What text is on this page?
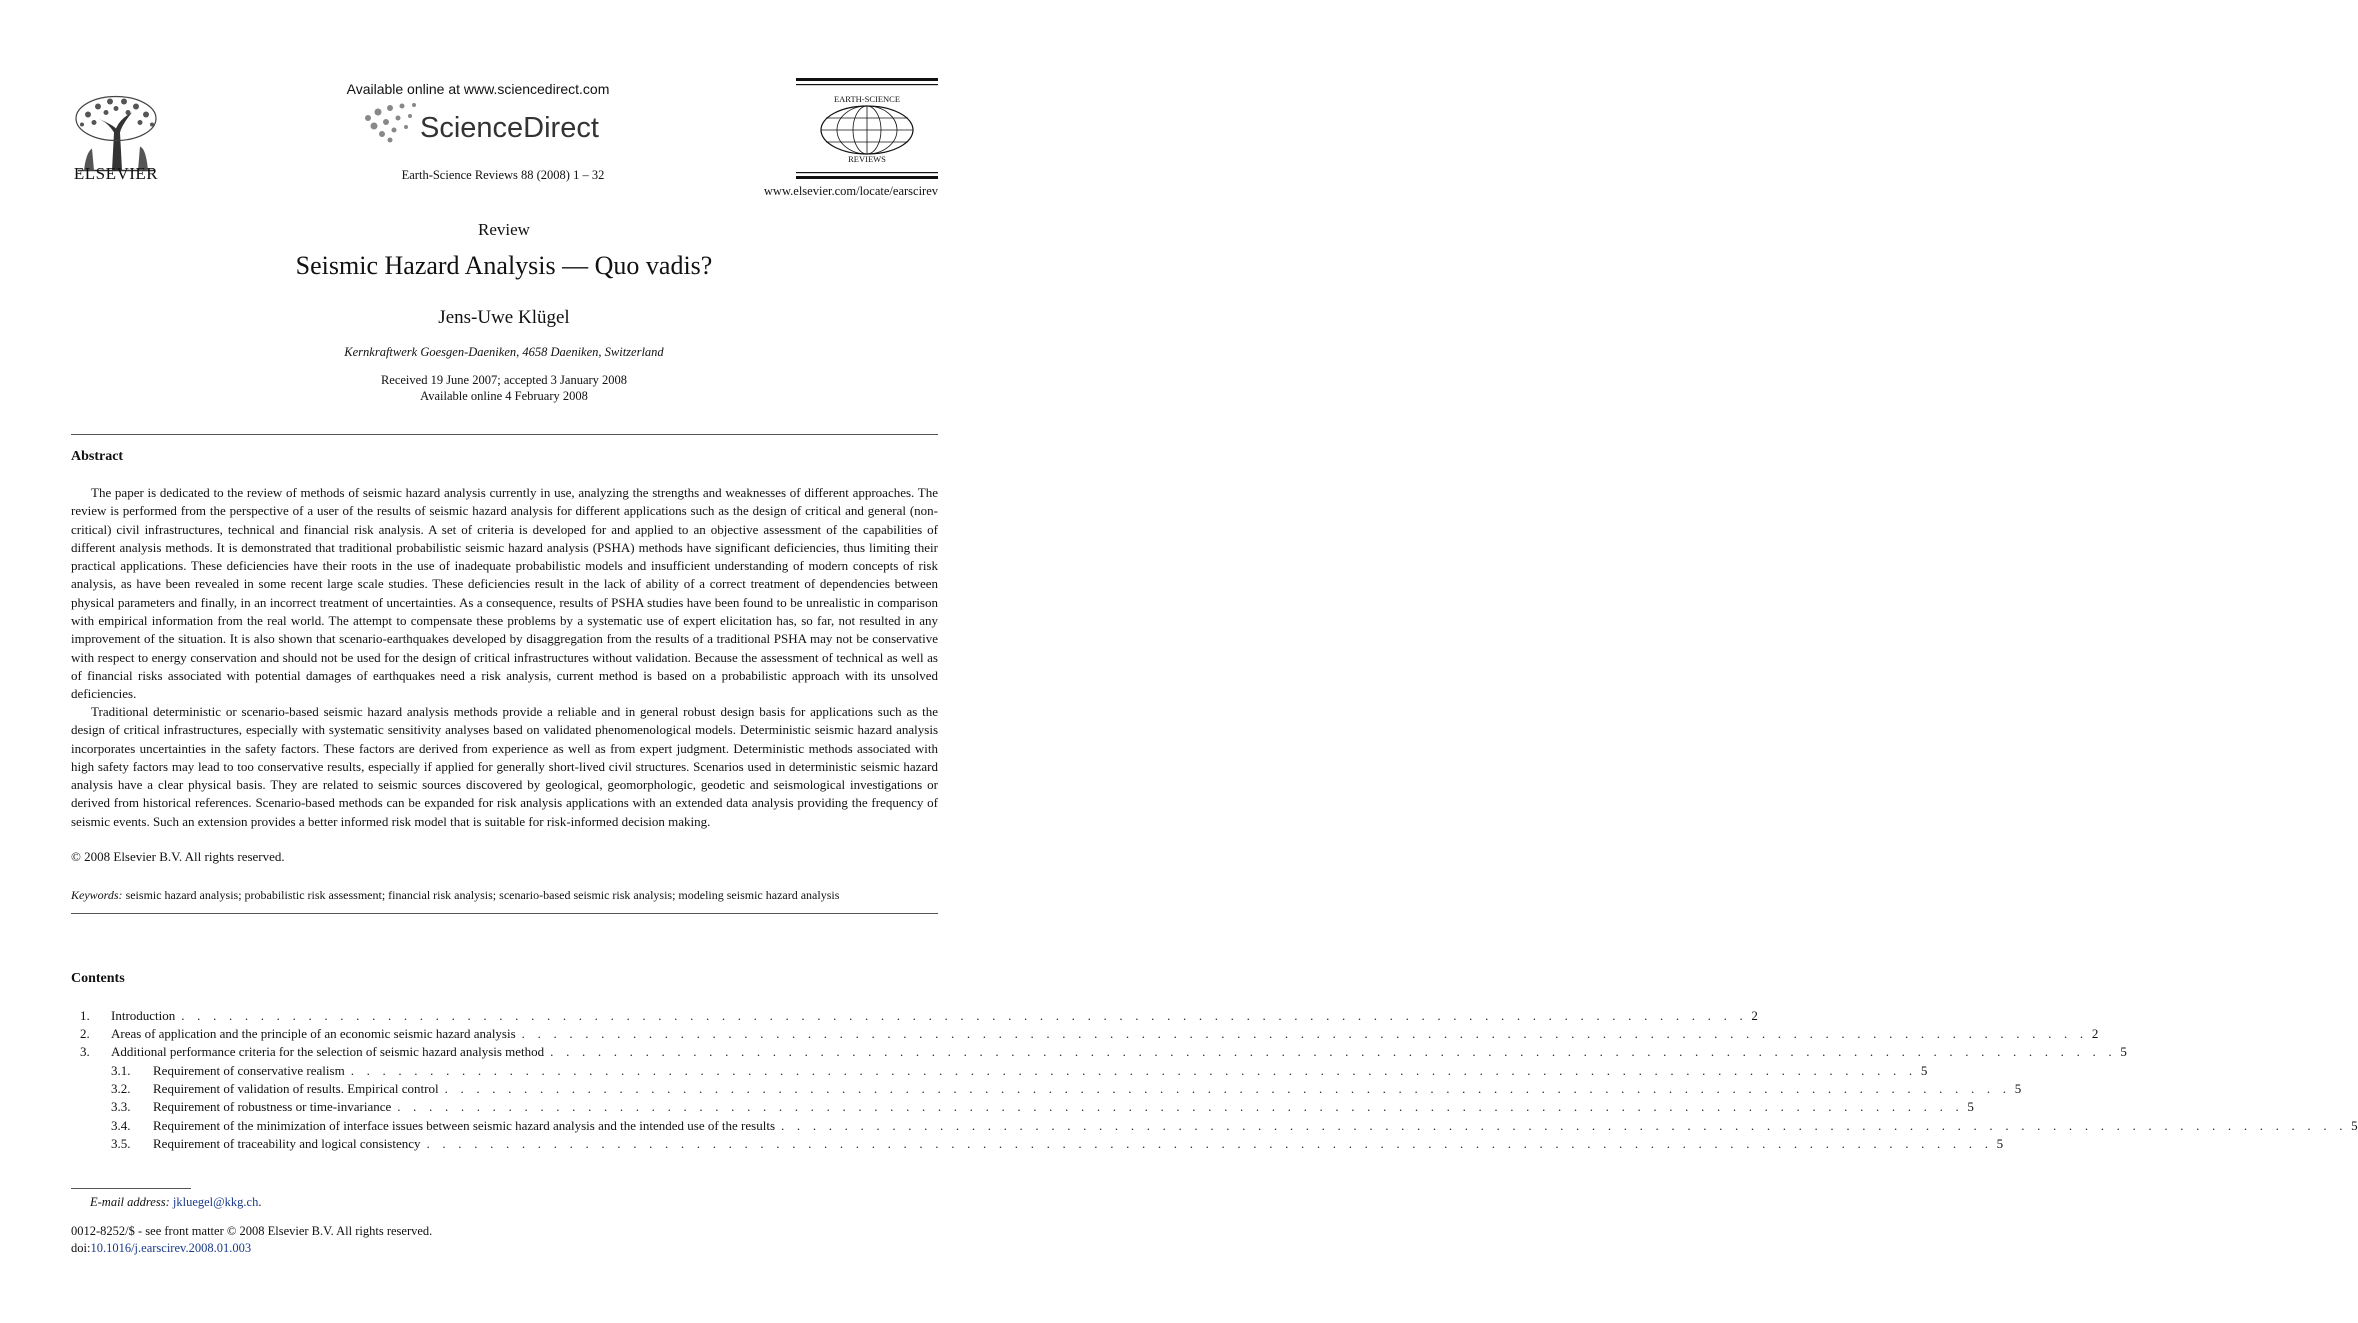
ELSEVIER
Available online at www.sciencedirect.com
ScienceDirect
Earth-Science Reviews 88 (2008) 1 – 32
EARTH-SCIENCE
REVIEWS
www.elsevier.com/locate/earscirev
Review
Seismic Hazard Analysis — Quo vadis?
Jens-Uwe Klügel
Kernkraftwerk Goesgen-Daeniken, 4658 Daeniken, Switzerland
Received 19 June 2007; accepted 3 January 2008
Available online 4 February 2008
Abstract

The paper is dedicated to the review of methods of seismic hazard analysis currently in use, analyzing the strengths and weaknesses of different approaches. The review is performed from the perspective of a user of the results of seismic hazard analysis for different applications such as the design of critical and general (non-critical) civil infrastructures, technical and financial risk analysis. A set of criteria is developed for and applied to an objective assessment of the capabilities of different analysis methods. It is demonstrated that traditional probabilistic seismic hazard analysis (PSHA) methods have significant deficiencies, thus limiting their practical applications. These deficiencies have their roots in the use of inadequate probabilistic models and insufficient understanding of modern concepts of risk analysis, as have been revealed in some recent large scale studies. These deficiencies result in the lack of ability of a correct treatment of dependencies between physical parameters and finally, in an incorrect treatment of uncertainties. As a consequence, results of PSHA studies have been found to be unrealistic in comparison with empirical information from the real world. The attempt to compensate these problems by a systematic use of expert elicitation has, so far, not resulted in any improvement of the situation. It is also shown that scenario-earthquakes developed by disaggregation from the results of a traditional PSHA may not be conservative with respect to energy conservation and should not be used for the design of critical infrastructures without validation. Because the assessment of technical as well as of financial risks associated with potential damages of earthquakes need a risk analysis, current method is based on a probabilistic approach with its unsolved deficiencies.

Traditional deterministic or scenario-based seismic hazard analysis methods provide a reliable and in general robust design basis for applications such as the design of critical infrastructures, especially with systematic sensitivity analyses based on validated phenomenological models. Deterministic seismic hazard analysis incorporates uncertainties in the safety factors. These factors are derived from experience as well as from expert judgment. Deterministic methods associated with high safety factors may lead to too conservative results, especially if applied for generally short-lived civil structures. Scenarios used in deterministic seismic hazard analysis have a clear physical basis. They are related to seismic sources discovered by geological, geomorphologic, geodetic and seismological investigations or derived from historical references. Scenario-based methods can be expanded for risk analysis applications with an extended data analysis providing the frequency of seismic events. Such an extension provides a better informed risk model that is suitable for risk-informed decision making.

© 2008 Elsevier B.V. All rights reserved.
Keywords: seismic hazard analysis; probabilistic risk assessment; financial risk analysis; scenario-based seismic risk analysis; modeling seismic hazard analysis
Contents
1. Introduction . . . . . . . . . . . . . . . . . . . . . . . . . . . . . . . . . . . . . . . . . . . . . . . . . . . . . . . . . . . . . . . . . . . . . . . . . . . . . . . . . . . . . . . . . . . . . . . . . . . 2
2. Areas of application and the principle of an economic seismic hazard analysis . . . . . . . . . . . . . . . . . . . . . . . . . . . . . . . . . . . . . . . . . . . . . . . . . . . . . . . . . . . . . . . . . . . . . . . . . . . . . . . . . . . . . . . . . . . . . . . . . . . 2
3. Additional performance criteria for the selection of seismic hazard analysis method . . . . . . . . . . . . . . . . . . . . . . . . . . . . . . . . . . . . . . . . . . . . . . . . . . . . . . . . . . . . . . . . . . . . . . . . . . . . . . . . . . . . . . . . . . . . . . . . . . . 5
3.1. Requirement of conservative realism . . . . . . . . . . . . . . . . . . . . . . . . . . . . . . . . . . . . . . . . . . . . . . . . . . . . . . . . . . . . . . . . . . . . . . . . . . . . . . . . . . . . . . . . . . . . . . . . . . . 5
3.2. Requirement of validation of results. Empirical control . . . . . . . . . . . . . . . . . . . . . . . . . . . . . . . . . . . . . . . . . . . . . . . . . . . . . . . . . . . . . . . . . . . . . . . . . . . . . . . . . . . . . . . . . . . . . . . . . . . 5
3.3. Requirement of robustness or time-invariance . . . . . . . . . . . . . . . . . . . . . . . . . . . . . . . . . . . . . . . . . . . . . . . . . . . . . . . . . . . . . . . . . . . . . . . . . . . . . . . . . . . . . . . . . . . . . . . . . . . 5
3.4. Requirement of the minimization of interface issues between seismic hazard analysis and the intended use of the results . . . . . . . . . . . . . . . . . . . . . . . . . . . . . . . . . . . . . . . . . . . . . . . . . . . . . . . . . . . . . . . . . . . . . . . . . . . . . . . . . . . . . . . . . . . . . . . . . . . 5
3.5. Requirement of traceability and logical consistency . . . . . . . . . . . . . . . . . . . . . . . . . . . . . . . . . . . . . . . . . . . . . . . . . . . . . . . . . . . . . . . . . . . . . . . . . . . . . . . . . . . . . . . . . . . . . . . . . . . 5
E-mail address: jkluegel@kkg.ch.
0012-8252/$ - see front matter © 2008 Elsevier B.V. All rights reserved.
doi:10.1016/j.earscirev.2008.01.003
